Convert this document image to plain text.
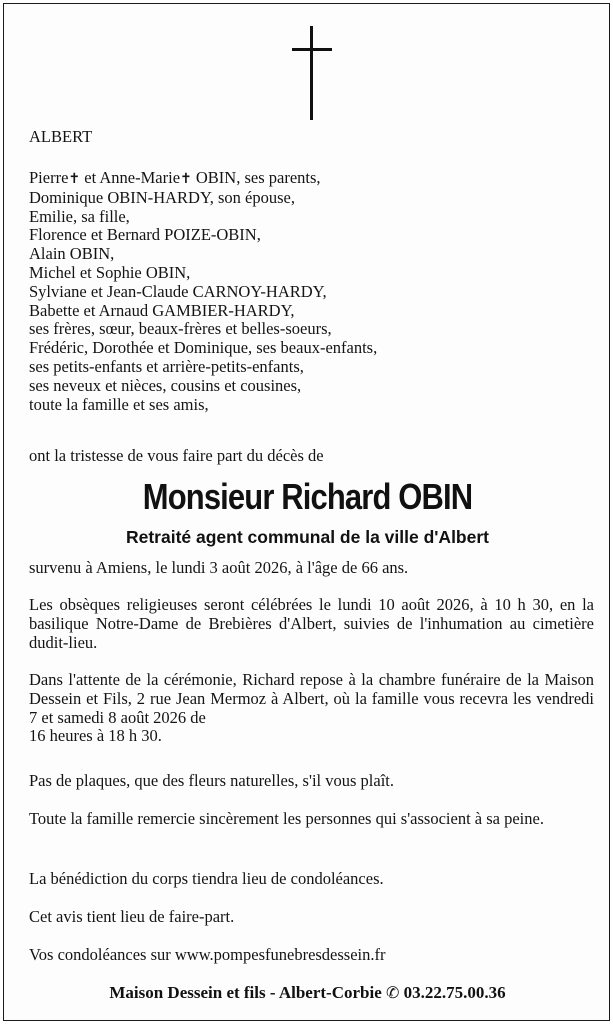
ALBERT
Pierre✝ et Anne-Marie✝ OBIN, ses parents,
Dominique OBIN-HARDY, son épouse,
Emilie, sa fille,
Florence et Bernard POIZE-OBIN,
Alain OBIN,
Michel et Sophie OBIN,
Sylviane et Jean-Claude CARNOY-HARDY,
Babette et Arnaud GAMBIER-HARDY,
ses frères, sœur, beaux-frères et belles-soeurs,
Frédéric, Dorothée et Dominique, ses beaux-enfants,
ses petits-enfants et arrière-petits-enfants,
ses neveux et nièces, cousins et cousines,
toute la famille et ses amis,
ont la tristesse de vous faire part du décès de
Monsieur Richard OBIN
Retraité agent communal de la ville d'Albert
survenu à Amiens, le lundi 3 août 2026, à l'âge de 66 ans.
Les obsèques religieuses seront célébrées le lundi 10 août 2026, à 10 h 30, en la basilique Notre-Dame de Brebières d'Albert, suivies de l'inhumation au cimetière dudit-lieu.
Dans l'attente de la cérémonie, Richard repose à la chambre funéraire de la Maison Dessein et Fils, 2 rue Jean Mermoz à Albert, où la famille vous recevra les vendredi 7 et samedi 8 août 2026 de
16 heures à 18 h 30.
Pas de plaques, que des fleurs naturelles, s'il vous plaît.
Toute la famille remercie sincèrement les personnes qui s'associent à sa peine.
La bénédiction du corps tiendra lieu de condoléances.
Cet avis tient lieu de faire-part.
Vos condoléances sur www.pompesfunebresdessein.fr
Maison Dessein et fils - Albert-Corbie ✆ 03.22.75.00.36
